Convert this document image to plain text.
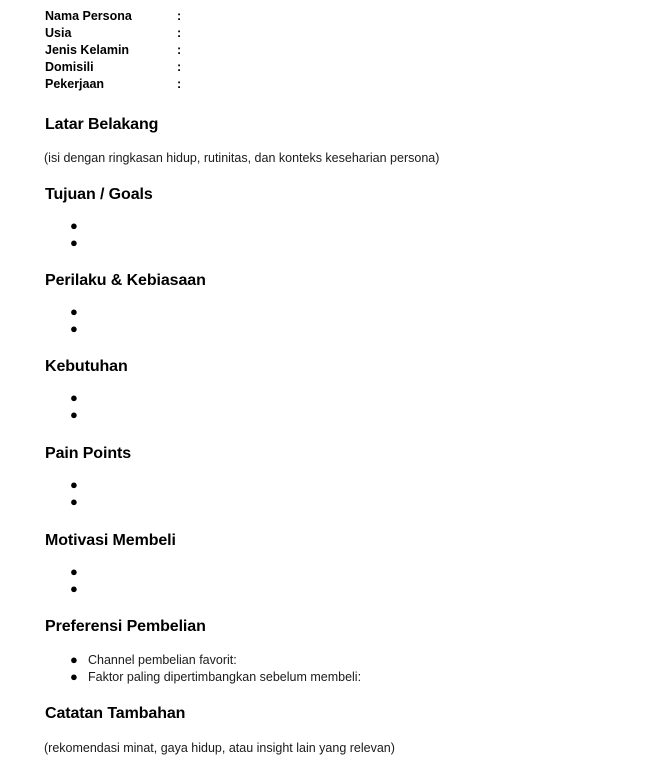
Nama Persona	:	
Usia	:	
Jenis Kelamin	:	
Domisili	:	
Pekerjaan	:	
Latar Belakang
(isi dengan ringkasan hidup, rutinitas, dan konteks keseharian persona)
Tujuan / Goals
●
●
Perilaku & Kebiasaan
●
●
Kebutuhan
●
●
Pain Points
●
●
Motivasi Membeli
●
●
Preferensi Pembelian
● Channel pembelian favorit:
● Faktor paling dipertimbangkan sebelum membeli:
Catatan Tambahan
(rekomendasi minat, gaya hidup, atau insight lain yang relevan)
